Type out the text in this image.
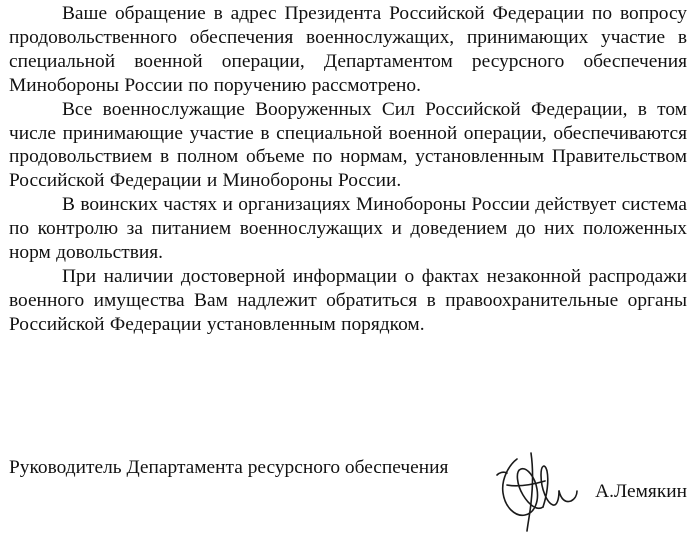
Ваше обращение в адрес Президента Российской Федерации по вопросу продовольственного обеспечения военнослужащих, принимающих участие в специальной военной операции, Департаментом ресурсного обеспечения Минобороны России по поручению рассмотрено.

Все военнослужащие Вооруженных Сил Российской Федерации, в том числе принимающие участие в специальной военной операции, обеспечиваются продовольствием в полном объеме по нормам, установленным Правительством Российской Федерации и Минобороны России.

В воинских частях и организациях Минобороны России действует система по контролю за питанием военнослужащих и доведением до них положенных норм довольствия.

При наличии достоверной информации о фактах незаконной распродажи военного имущества Вам надлежит обратиться в правоохранительные органы Российской Федерации установленным порядком.

Руководитель Департамента ресурсного обеспечения
А.Лемякин
